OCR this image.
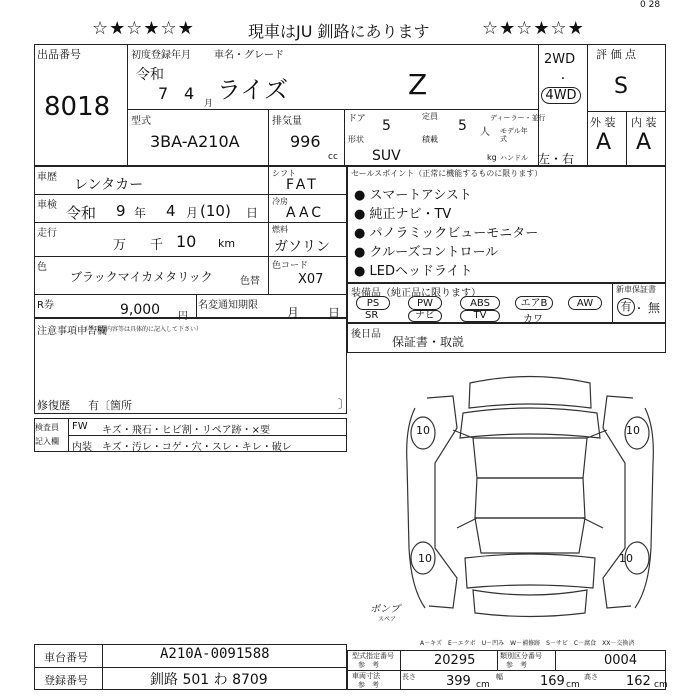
☆★☆★☆★	現車はJU 釧路にあります	☆★☆★☆★
0 28
出品番号
8018
初度登録年月
令和
7 4
月
車名・グレード
ライズ	Z
2WD
・
4WD
評 価 点
S
型式
3BA-A210A
排気量
996
cc
ドア 5
定員
5 人
ディーラー・並行
モデル年式
形状
SUV
積載
kg ハンドル 左・右
外 装 内 装
A A
車歴 レンタカー
シフト
FAT
車検 令和 9 年 4 月 (10) 日
冷房
AAC
走行
万 千 10 km
燃料
ガソリン
色
ブラックマイカメタリック	色替
色コード
X07
R券	9,000 円
名変通知期限
月 日
セールスポイント（正常に機能するものに限ります）
● スマートアシスト
● 純正ナビ・TV
● パノラミックビューモニター
● クルーズコントロール
● LEDヘッドライト
装備品（純正品に限ります）
PS	PW	ABS	エアB	AW
SR	ナビ	TV	カワ
新車保証書
有 ・ 無
注意事項申告欄
（不具合内容等は具体的に記入して下さい）
修復歴 有〔箇所	〕
検査員
記入欄
FW キズ・飛石・ヒビ割・リペア跡・×要
内装 キズ・汚レ・コゲ・穴・スレ・キレ・破レ
後日品
保証書・取説
10	10
10	10
ポンプ
スペア
A－キズ　E－エクボ　U－凹み　W－補修跡　S－サビ　C－腐食　XX－交換済
車台番号	A210A-0091588
登録番号	釧路 501 わ 8709
型式指定番号
参　考	20295	類別区分番号
参　考	0004
車両寸法
参　考
長さ 399 cm
幅	169 cm
高さ 162 cm
